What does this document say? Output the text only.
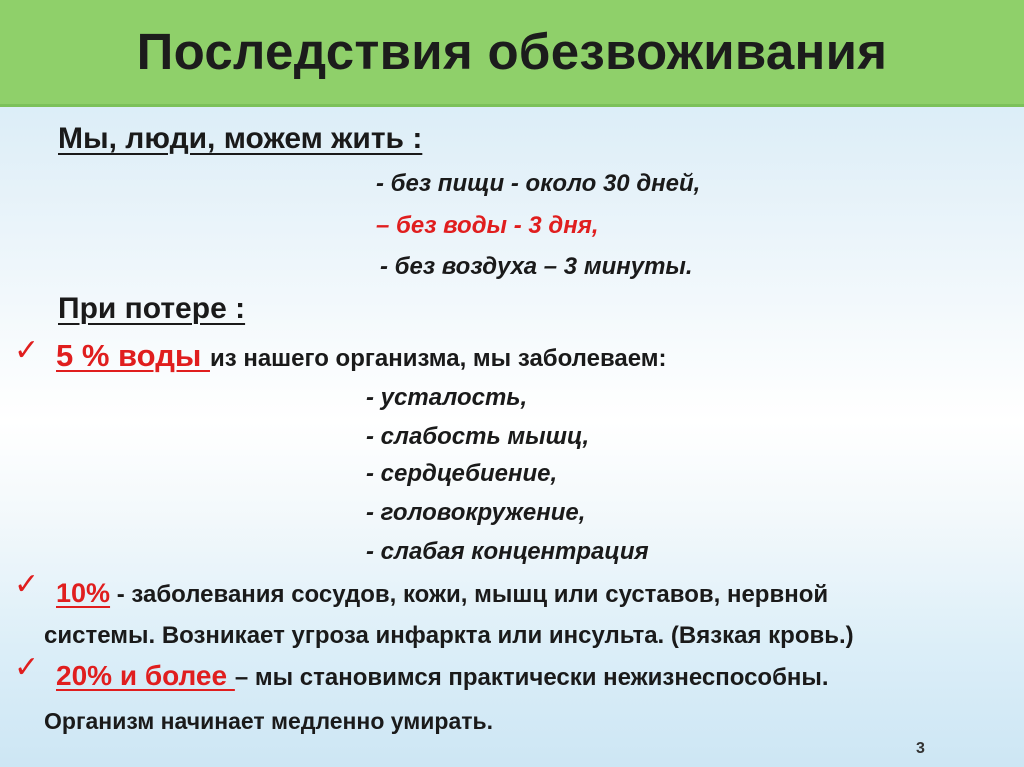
Последствия обезвоживания
Мы, люди, можем жить :
- без пищи - около 30 дней,
– без воды - 3 дня,
- без воздуха – 3 минуты.
При потере :
✓ 5 % воды из нашего организма, мы заболеваем:
- усталость,
- слабость мышц,
- сердцебиение,
- головокружение,
- слабая концентрация
✓ 10% - заболевания сосудов, кожи, мышц или суставов, нервной
системы. Возникает угроза инфаркта или инсульта. (Вязкая кровь.)
✓ 20% и более – мы становимся практически нежизнеспособны.
Организм начинает медленно умирать.
3
